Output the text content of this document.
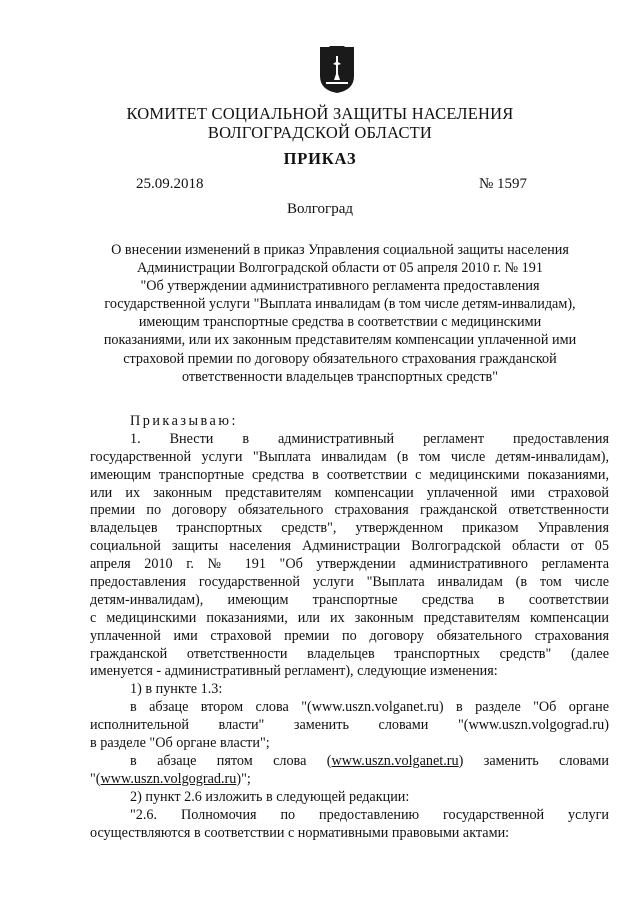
КОМИТЕТ СОЦИАЛЬНОЙ ЗАЩИТЫ НАСЕЛЕНИЯ
ВОЛГОГРАДСКОЙ ОБЛАСТИ
ПРИКАЗ
25.09.2018	№ 1597
Волгоград
О внесении изменений в приказ Управления социальной защиты населения
Администрации Волгоградской области от 05 апреля 2010 г. № 191
"Об утверждении административного регламента предоставления
государственной услуги "Выплата инвалидам (в том числе детям-инвалидам),
имеющим транспортные средства в соответствии с медицинскими
показаниями, или их законным представителям компенсации уплаченной ими
страховой премии по договору обязательного страхования гражданской
ответственности владельцев транспортных средств"
Приказываю:
1. Внести в административный регламент предоставления
государственной услуги "Выплата инвалидам (в том числе детям-инвалидам),
имеющим транспортные средства в соответствии с медицинскими показаниями,
или их законным представителям компенсации уплаченной ими страховой
премии по договору обязательного страхования гражданской ответственности
владельцев транспортных средств", утвержденном приказом Управления
социальной защиты населения Администрации Волгоградской области от 05
апреля 2010 г. № 191 "Об утверждении административного регламента
предоставления государственной услуги "Выплата инвалидам (в том числе
детям-инвалидам), имеющим транспортные средства в соответствии
с медицинскими показаниями, или их законным представителям компенсации
уплаченной ими страховой премии по договору обязательного страхования
гражданской ответственности владельцев транспортных средств" (далее
именуется - административный регламент), следующие изменения:
1) в пункте 1.3:
в абзаце втором слова "(www.uszn.volganet.ru) в разделе "Об органе
исполнительной власти" заменить словами "(www.uszn.volgograd.ru)
в разделе "Об органе власти";
в абзаце пятом слова (www.uszn.volganet.ru) заменить словами
"(www.uszn.volgograd.ru)";
2) пункт 2.6 изложить в следующей редакции:
"2.6. Полномочия по предоставлению государственной услуги
осуществляются в соответствии с нормативными правовыми актами:
